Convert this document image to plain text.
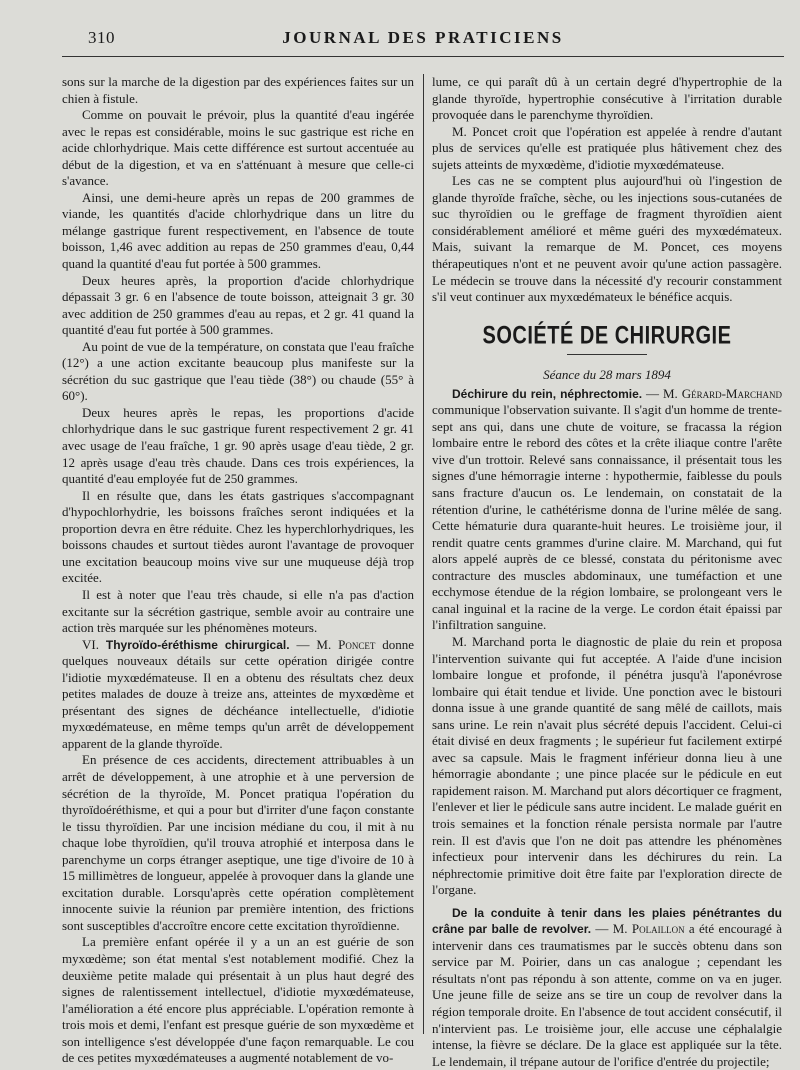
310	JOURNAL DES PRATICIENS

sons sur la marche de la digestion par des expériences faites sur un chien à fistule.

Comme on pouvait le prévoir, plus la quantité d'eau ingérée avec le repas est considérable, moins le suc gastrique est riche en acide chlorhydrique. Mais cette différence est surtout accentuée au début de la digestion, et va en s'atténuant à mesure que celle-ci s'avance.

Ainsi, une demi-heure après un repas de 200 grammes de viande, les quantités d'acide chlorhydrique dans un litre du mélange gastrique furent respectivement, en l'absence de toute boisson, 1,46 avec addition au repas de 250 grammes d'eau, 0,44 quand la quantité d'eau fut portée à 500 grammes.

Deux heures après, la proportion d'acide chlorhydrique dépassait 3 gr. 6 en l'absence de toute boisson, atteignait 3 gr. 30 avec addition de 250 grammes d'eau au repas, et 2 gr. 41 quand la quantité d'eau fut portée à 500 grammes.

Au point de vue de la température, on constata que l'eau fraîche (12°) a une action excitante beaucoup plus manifeste sur la sécrétion du suc gastrique que l'eau tiède (38°) ou chaude (55° à 60°).

Deux heures après le repas, les proportions d'acide chlorhydrique dans le suc gastrique furent respectivement 2 gr. 41 avec usage de l'eau fraîche, 1 gr. 90 après usage d'eau tiède, 2 gr. 12 après usage d'eau très chaude. Dans ces trois expériences, la quantité d'eau employée fut de 250 grammes.

Il en résulte que, dans les états gastriques s'accompagnant d'hypochlorhydrie, les boissons fraîches seront indiquées et la proportion devra en être réduite. Chez les hyperchlorhydriques, les boissons chaudes et surtout tièdes auront l'avantage de provoquer une excitation beaucoup moins vive sur une muqueuse déjà trop excitée.

Il est à noter que l'eau très chaude, si elle n'a pas d'action excitante sur la sécrétion gastrique, semble avoir au contraire une action très marquée sur les phénomènes moteurs.

VI. Thyroïdo-éréthisme chirurgical. — M. Poncet donne quelques nouveaux détails sur cette opération dirigée contre l'idiotie myxœdémateuse. Il en a obtenu des résultats chez deux petites malades de douze à treize ans, atteintes de myxœdème et présentant des signes de déchéance intellectuelle, d'idiotie myxœdémateuse, en même temps qu'un arrêt de développement apparent de la glande thyroïde.

En présence de ces accidents, directement attribuables à un arrêt de développement, à une atrophie et à une perversion de sécrétion de la thyroïde, M. Poncet pratiqua l'opération du thyroïdoéréthisme, et qui a pour but d'irriter d'une façon constante le tissu thyroïdien. Par une incision médiane du cou, il mit à nu chaque lobe thyroïdien, qu'il trouva atrophié et interposa dans le parenchyme un corps étranger aseptique, une tige d'ivoire de 10 à 15 millimètres de longueur, appelée à provoquer dans la glande une excitation durable. Lorsqu'après cette opération complètement innocente suivie la réunion par première intention, des frictions sont susceptibles d'accroître encore cette excitation thyroïdienne.

La première enfant opérée il y a un an est guérie de son myxœdème; son état mental s'est notablement modifié. Chez la deuxième petite malade qui présentait à un plus haut degré des signes de ralentissement intellectuel, d'idiotie myxœdémateuse, l'amélioration a été encore plus appréciable. L'opération remonte à trois mois et demi, l'enfant est presque guérie de son myxœdème et son intelligence s'est développée d'une façon remarquable. Le cou de ces petites myxœdémateuses a augmenté notablement de vo-

lume, ce qui paraît dû à un certain degré d'hypertrophie de la glande thyroïde, hypertrophie consécutive à l'irritation durable provoquée dans le parenchyme thyroïdien.

M. Poncet croit que l'opération est appelée à rendre d'autant plus de services qu'elle est pratiquée plus hâtivement chez des sujets atteints de myxœdème, d'idiotie myxœdémateuse.

Les cas ne se comptent plus aujourd'hui où l'ingestion de glande thyroïde fraîche, sèche, ou les injections sous-cutanées de suc thyroïdien ou le greffage de fragment thyroïdien aient considérablement amélioré et même guéri des myxœdémateux. Mais, suivant la remarque de M. Poncet, ces moyens thérapeutiques n'ont et ne peuvent avoir qu'une action passagère. Le médecin se trouve dans la nécessité d'y recourir constamment s'il veut continuer aux myxœdémateux le bénéfice acquis.

SOCIÉTÉ DE CHIRURGIE
Séance du 28 mars 1894

Déchirure du rein, néphrectomie. — M. Gérard-Marchand communique l'observation suivante. Il s'agit d'un homme de trente-sept ans qui, dans une chute de voiture, se fracassa la région lombaire entre le rebord des côtes et la crête iliaque contre l'arête vive d'un trottoir. Relevé sans connaissance, il présentait tous les signes d'une hémorragie interne : hypothermie, faiblesse du pouls sans fracture d'aucun os. Le lendemain, on constatait de la rétention d'urine, le cathétérisme donna de l'urine mêlée de sang. Cette hématurie dura quarante-huit heures. Le troisième jour, il rendit quatre cents grammes d'urine claire. M. Marchand, qui fut alors appelé auprès de ce blessé, constata du péritonisme avec contracture des muscles abdominaux, une tuméfaction et une ecchymose étendue de la région lombaire, se prolongeant vers le canal inguinal et la racine de la verge. Le cordon était épaissi par l'infiltration sanguine.

M. Marchand porta le diagnostic de plaie du rein et proposa l'intervention suivante qui fut acceptée. A l'aide d'une incision lombaire longue et profonde, il pénétra jusqu'à l'aponévrose lombaire qui était tendue et livide. Une ponction avec le bistouri donna issue à une grande quantité de sang mêlé de caillots, mais sans urine. Le rein n'avait plus sécrété depuis l'accident. Celui-ci était divisé en deux fragments ; le supérieur fut facilement extirpé avec sa capsule. Mais le fragment inférieur donna lieu à une hémorragie abondante ; une pince placée sur le pédicule en eut rapidement raison. M. Marchand put alors décortiquer ce fragment, l'enlever et lier le pédicule sans autre incident. Le malade guérit en trois semaines et la fonction rénale persista normale par l'autre rein. Il est d'avis que l'on ne doit pas attendre les phénomènes infectieux pour intervenir dans les déchirures du rein. La néphrectomie primitive doit être faite par l'exploration directe de l'organe.

De la conduite à tenir dans les plaies pénétrantes du crâne par balle de revolver. — M. Polaillon a été encouragé à intervenir dans ces traumatismes par le succès obtenu dans son service par M. Poirier, dans un cas analogue ; cependant les résultats n'ont pas répondu à son attente, comme on va en juger. Une jeune fille de seize ans se tire un coup de revolver dans la région temporale droite. En l'absence de tout accident consécutif, il n'intervient pas. Le troisième jour, elle accuse une céphalalgie intense, la fièvre se déclare. De la glace est appliquée sur la tête. Le lendemain, il trépane autour de l'orifice d'entrée du projectile;
